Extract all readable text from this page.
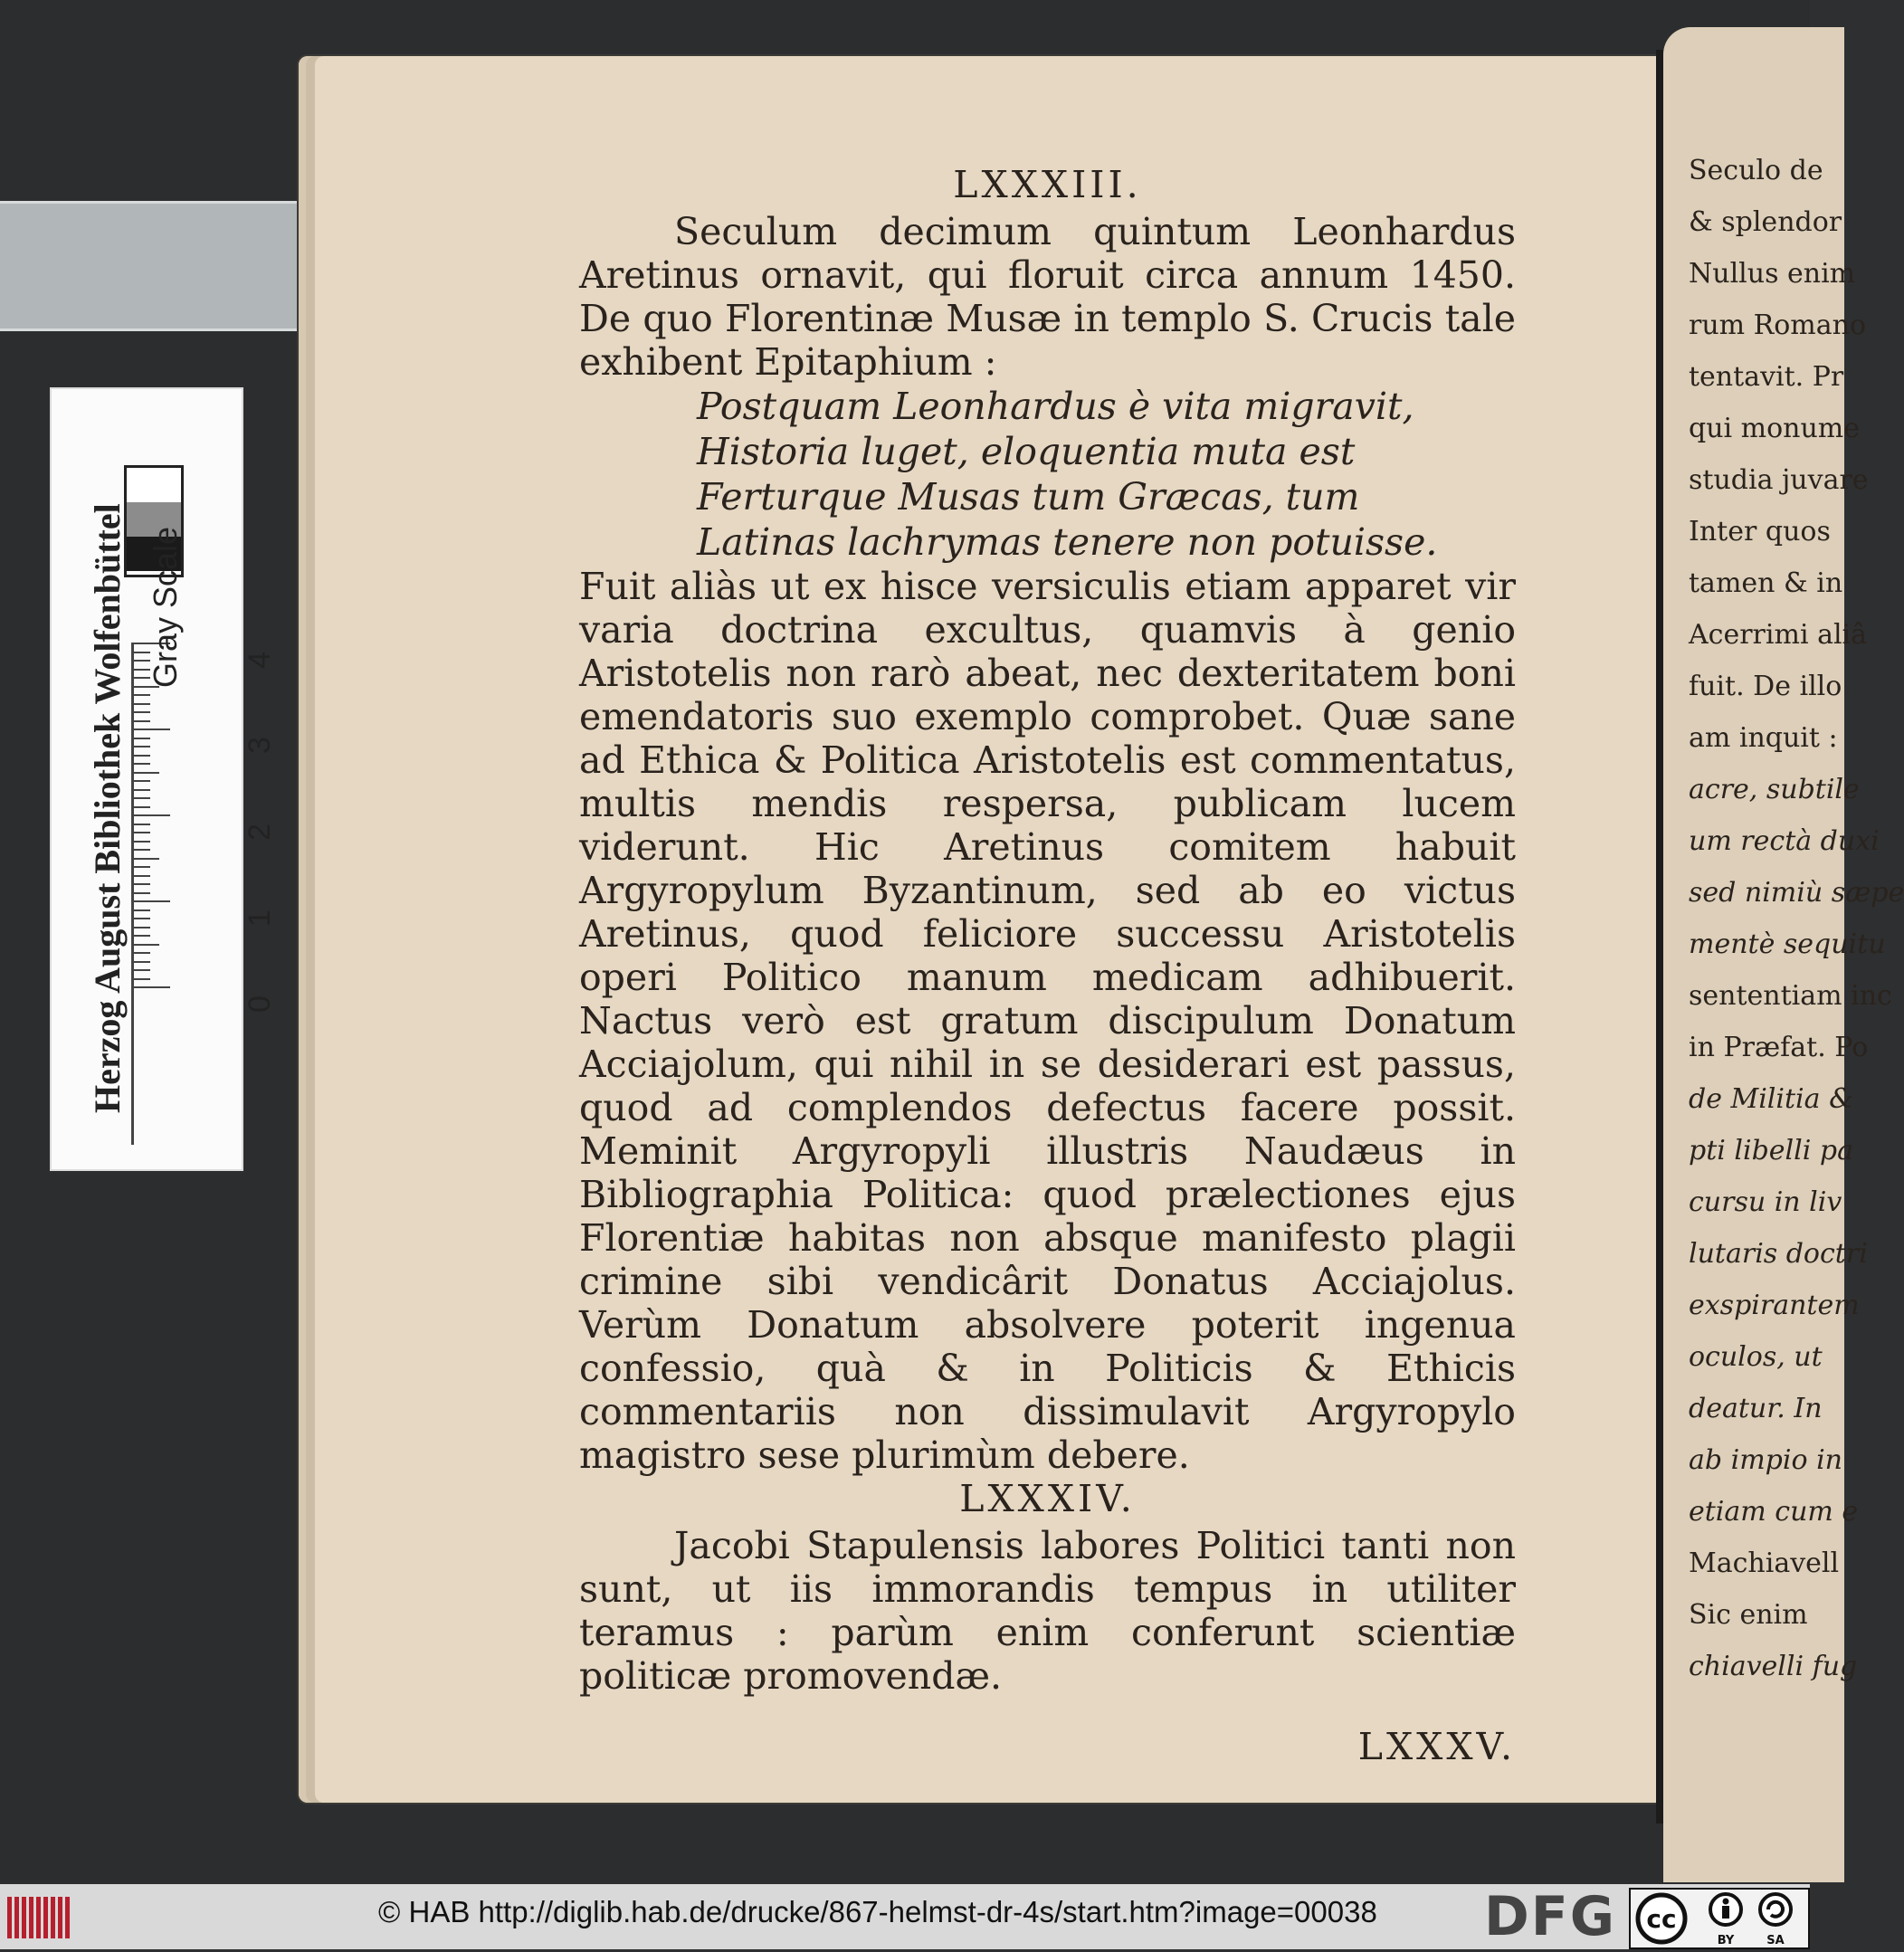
LXXXIII.

Seculum decimum quintum Leonhardus Aretinus ornavit, qui floruit circa annum 1450. De quo Florentinæ Musæ in templo S. Crucis tale exhibent Epitaphium :

Postquam Leonhardus è vita migravit,
Historia luget, eloquentia muta est
Ferturque Musas tum Græcas, tum
Latinas lachrymas tenere non potuisse.

Fuit aliàs ut ex hisce versiculis etiam apparet vir varia doctrina excultus, quamvis à genio Aristotelis non rarò abeat, nec dexteritatem boni emendatoris suo exemplo comprobet. Quæ sane ad Ethica & Politica Aristotelis est commentatus, multis mendis respersa, publicam lucem viderunt. Hic Aretinus comitem habuit Argyropylum Byzantinum, sed ab eo victus Aretinus, quod feliciore successu Aristotelis operi Politico manum medicam adhibuerit. Nactus verò est gratum discipulum Donatum Acciajolum, qui nihil in se desiderari est passus, quod ad complendos defectus facere possit. Meminit Argyropyli illustris Naudæus in Bibliographia Politica: quod prælectiones ejus Florentiæ habitas non absque manifesto plagii crimine sibi vendicârit Donatus Acciajolus. Verùm Donatum absolvere poterit ingenua confessio, quà & in Politicis & Ethicis commentariis non dissimulavit Argyropylo magistro sese plurimùm debere.

LXXXIV.

Jacobi Stapulensis labores Politici tanti non sunt, ut iis immorandis tempus in utiliter teramus : parùm enim conferunt scientiæ politicæ promovendæ.

LXXXV.
Seculo de
& splendor
Nullus enim
rum Romano
tentavit. Pr
qui monume
studia juvare
Inter quos
tamen & in
Acerrimi aliâ
fuit. De illo
am inquit :
acre, subtile
um rectà duxi
sed nimiù sæpe
mentè sequitu
sententiam inc
in Præfat. Po
de Militia &
pti libelli pa
cursu in liv
lutaris doctri
exspirantem
oculos, ut
deatur. In
ab impio in
etiam cum e
Machiavell
Sic enim
chiavelli fug
4
3
2
1
0
Gray Scale
Herzog August Bibliothek Wolfenbüttel
© HAB http://diglib.hab.de/drucke/867-helmst-dr-4s/start.htm?image=00038 DFG cc
BY	SA
